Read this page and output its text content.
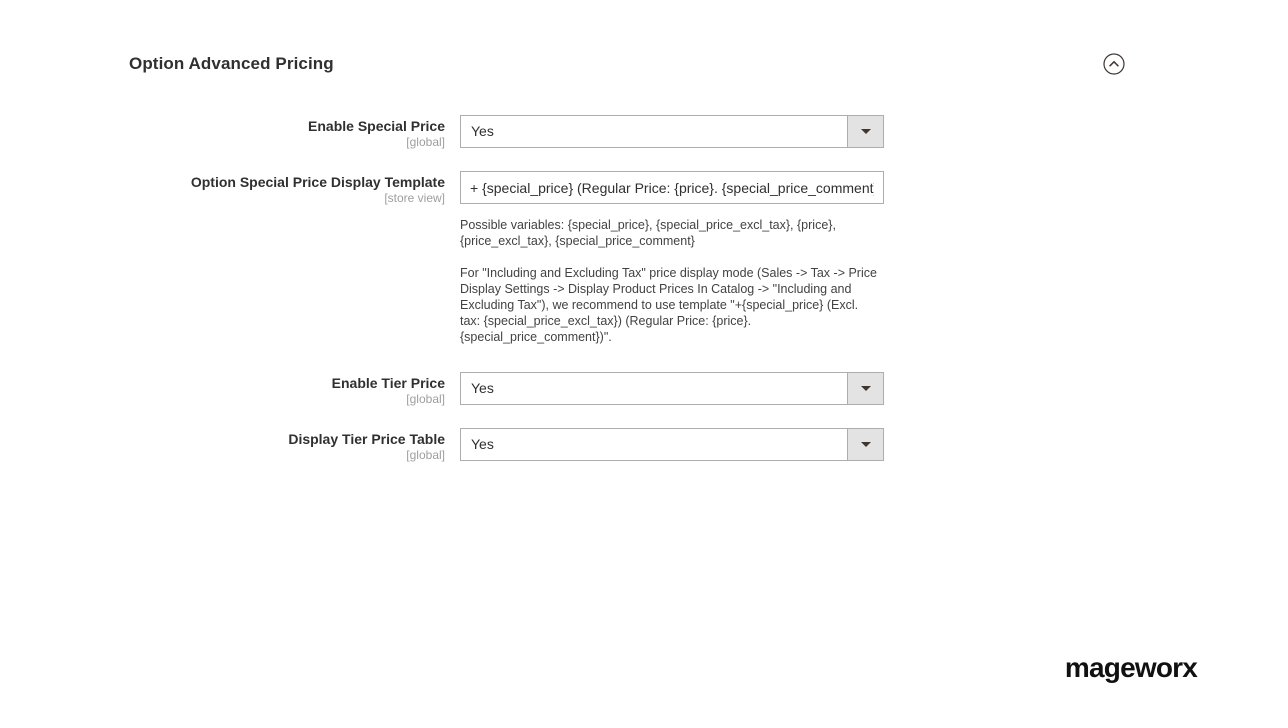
Option Advanced Pricing
Enable Special Price
[global]
Yes
Option Special Price Display Template
[store view]
+ {special_price} (Regular Price: {price}. {special_price_comment})
Possible variables: {special_price}, {special_price_excl_tax}, {price}, {price_excl_tax}, {special_price_comment}
For "Including and Excluding Tax" price display mode (Sales -> Tax -> Price Display Settings -> Display Product Prices In Catalog -> "Including and Excluding Tax"), we recommend to use template "+{special_price} (Excl. tax: {special_price_excl_tax}) (Regular Price: {price}. {special_price_comment})".
Enable Tier Price
[global]
Yes
Display Tier Price Table
[global]
Yes
mageworx
